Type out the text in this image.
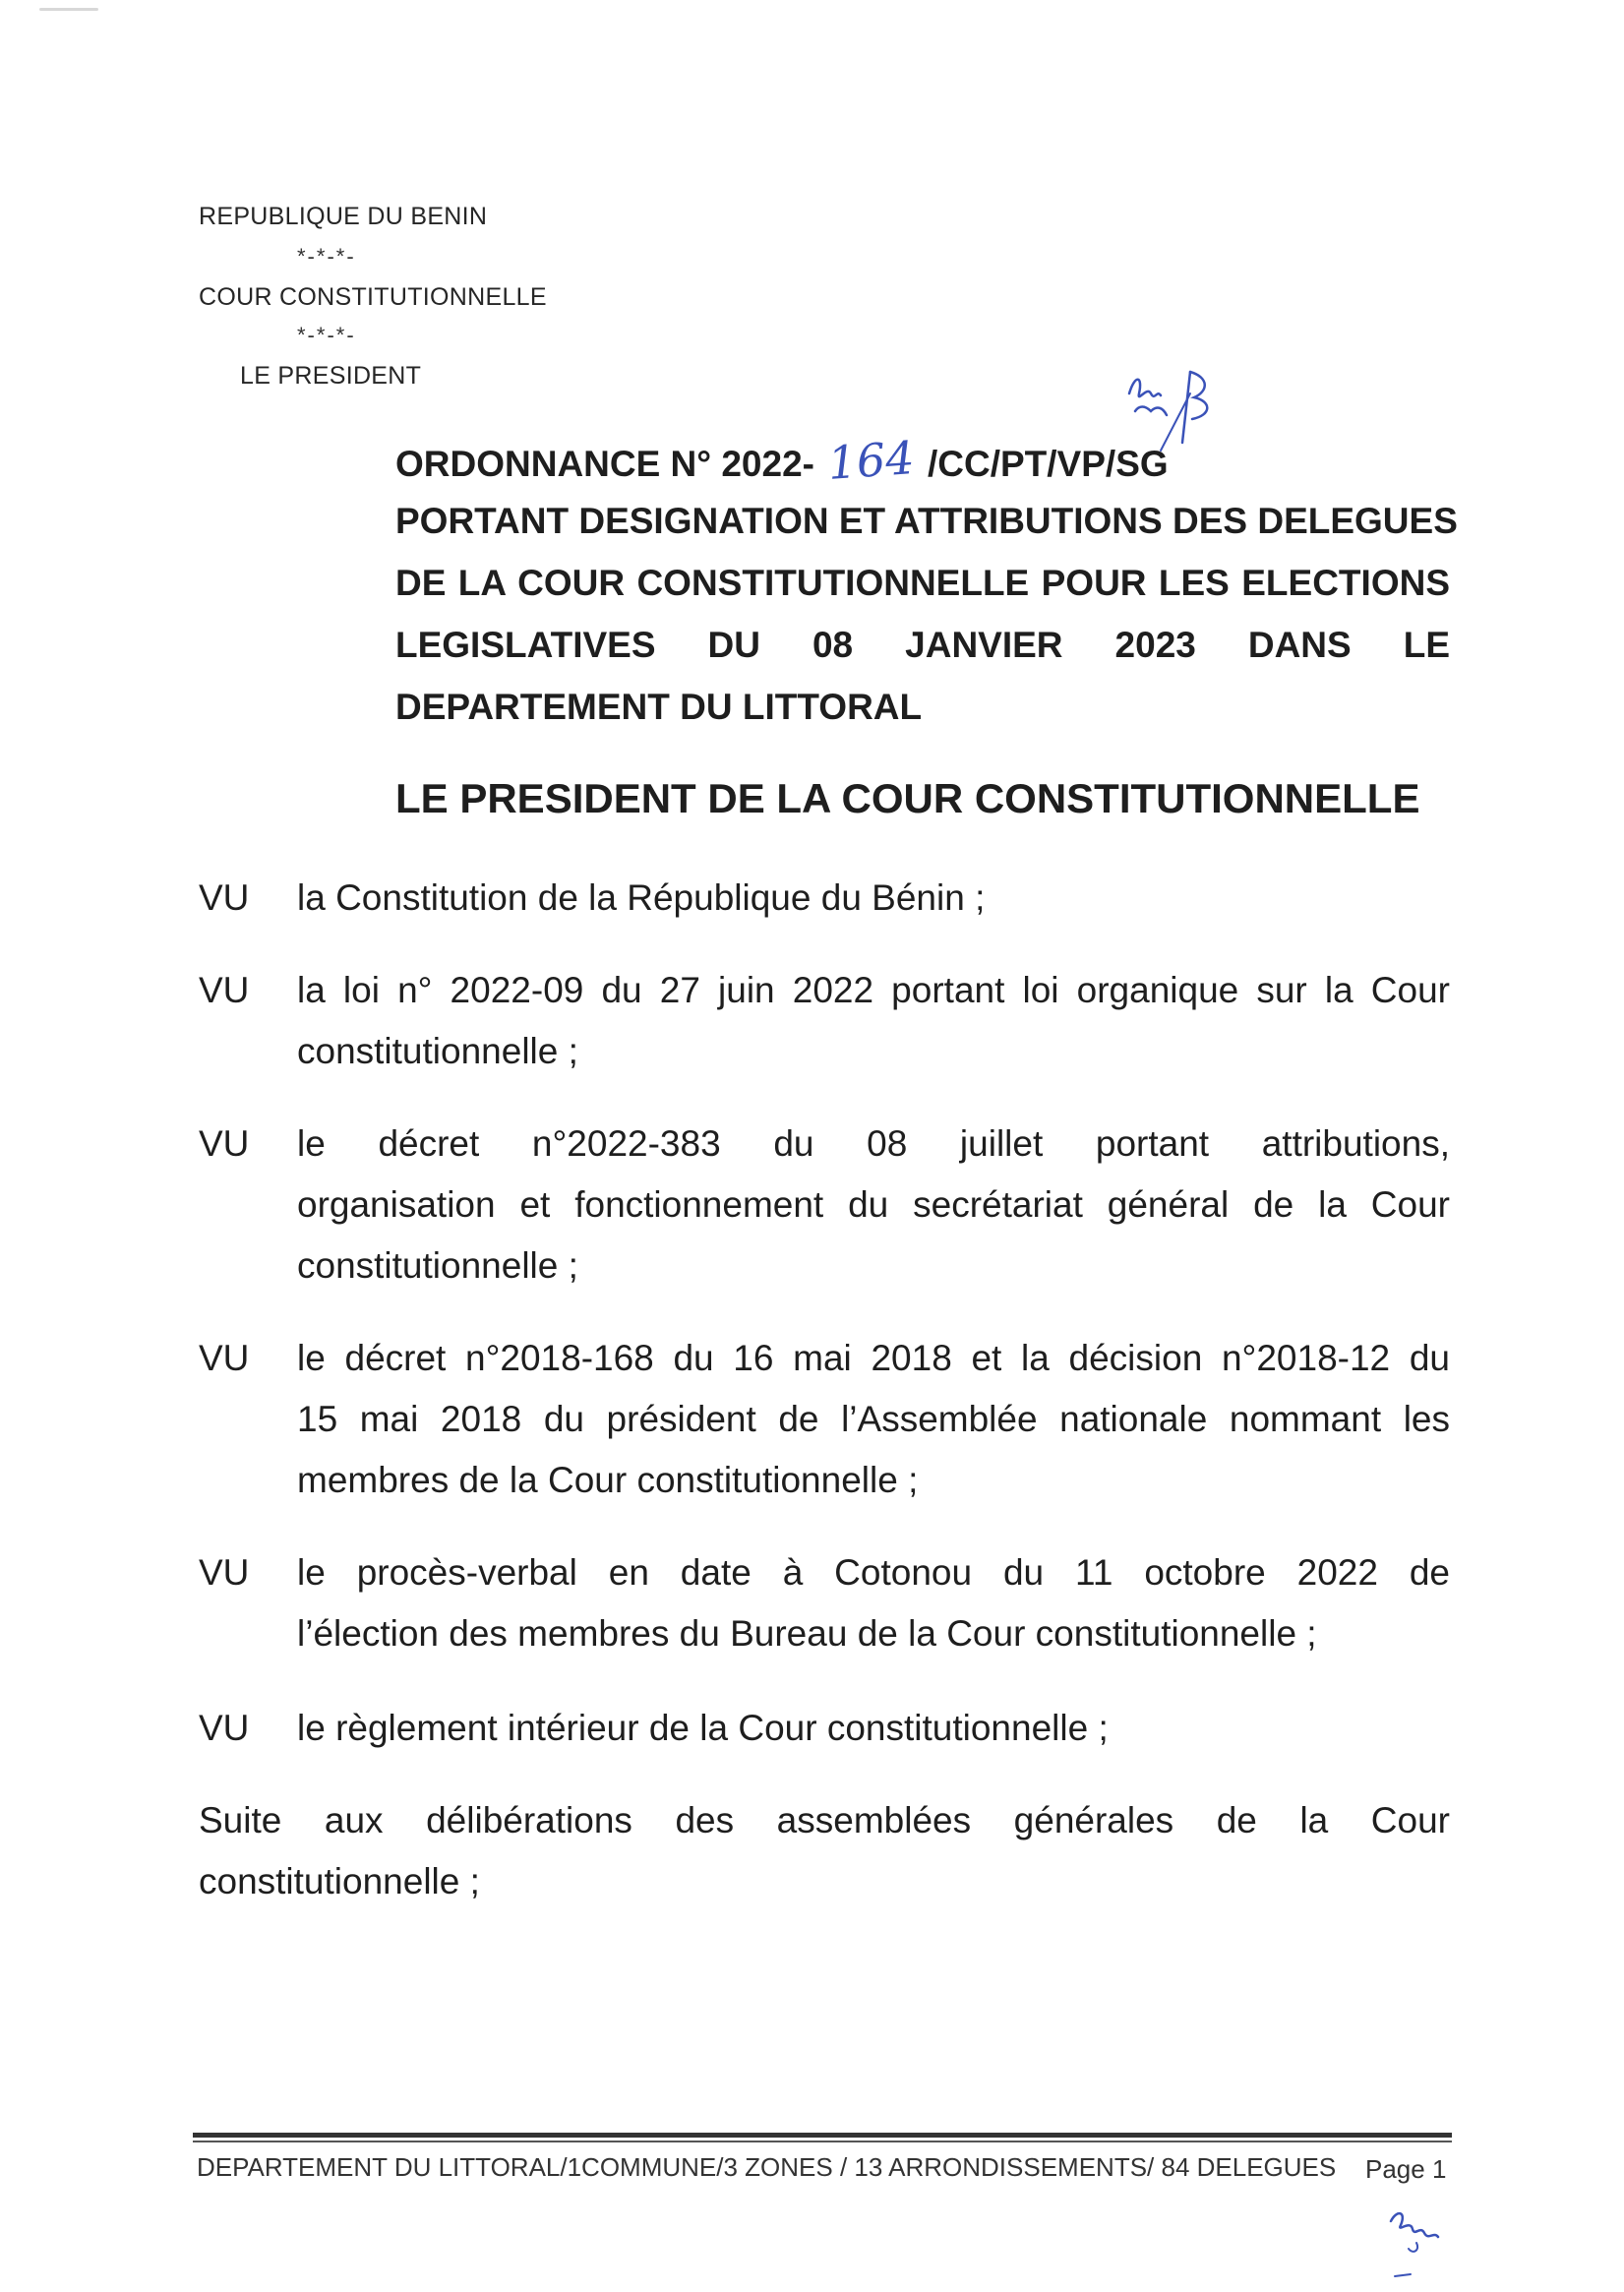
REPUBLIQUE DU BENIN
*-*-*-
COUR CONSTITUTIONNELLE
*-*-*-
LE PRESIDENT
ORDONNANCE N° 2022- 164 /CC/PT/VP/SG
PORTANT DESIGNATION ET ATTRIBUTIONS DES DELEGUES
DE LA COUR CONSTITUTIONNELLE POUR LES ELECTIONS
LEGISLATIVES DU 08 JANVIER 2023 DANS LE
DEPARTEMENT DU LITTORAL
LE PRESIDENT DE LA COUR CONSTITUTIONNELLE
VU	la Constitution de la République du Bénin ;
VU	la loi n° 2022-09 du 27 juin 2022 portant loi organique sur la Cour
constitutionnelle ;
VU	le décret n°2022-383 du 08 juillet portant attributions,
organisation et fonctionnement du secrétariat général de la Cour
constitutionnelle ;
VU	le décret n°2018-168 du 16 mai 2018 et la décision n°2018-12 du
15 mai 2018 du président de l’Assemblée nationale nommant les
membres de la Cour constitutionnelle ;
VU	le procès-verbal en date à Cotonou du 11 octobre 2022 de
l’élection des membres du Bureau de la Cour constitutionnelle ;
VU	le règlement intérieur de la Cour constitutionnelle ;
Suite aux délibérations des assemblées générales de la Cour
constitutionnelle ;
DEPARTEMENT DU LITTORAL/1COMMUNE/3 ZONES / 13 ARRONDISSEMENTS/ 84 DELEGUES Page 1
